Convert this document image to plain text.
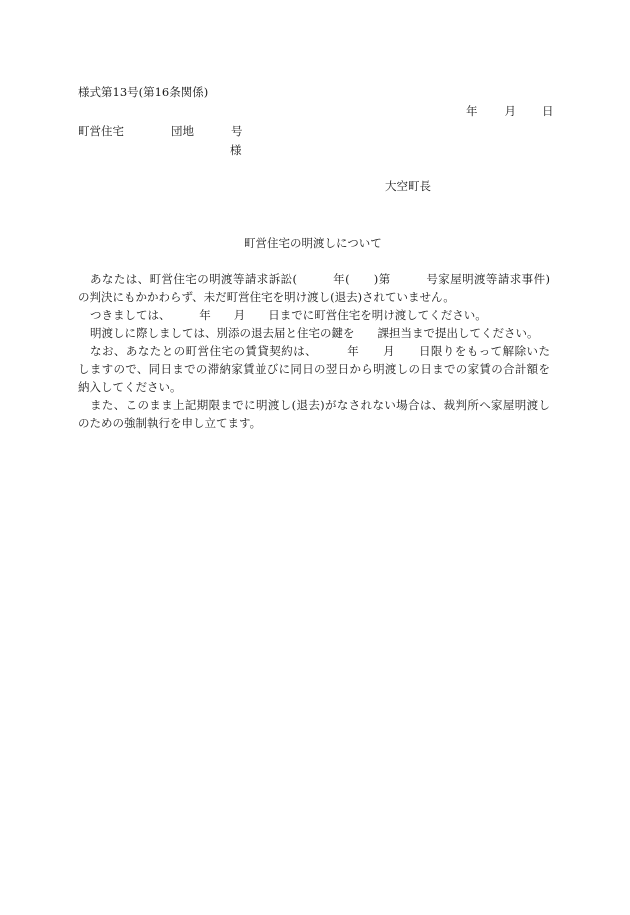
様式第13号(第16条関係)
年 月 日
町営住宅	団地	号
様
大空町長
町営住宅の明渡しについて
あなたは、町営住宅の明渡等請求訴訟(　　　年(　　)第　　　号家屋明渡等請求事件)
の判決にもかかわらず、未だ町営住宅を明け渡し(退去)されていません。
つきましては、　　　年　　月　　日までに町営住宅を明け渡してください。
明渡しに際しましては、別添の退去届と住宅の鍵を　　課担当まで提出してください。
なお、あなたとの町営住宅の賃貸契約は、　　　年　　月　　日限りをもって解除いた
しますので、同日までの滞納家賃並びに同日の翌日から明渡しの日までの家賃の合計額を
納入してください。
また、このまま上記期限までに明渡し(退去)がなされない場合は、裁判所へ家屋明渡し
のための強制執行を申し立てます。
